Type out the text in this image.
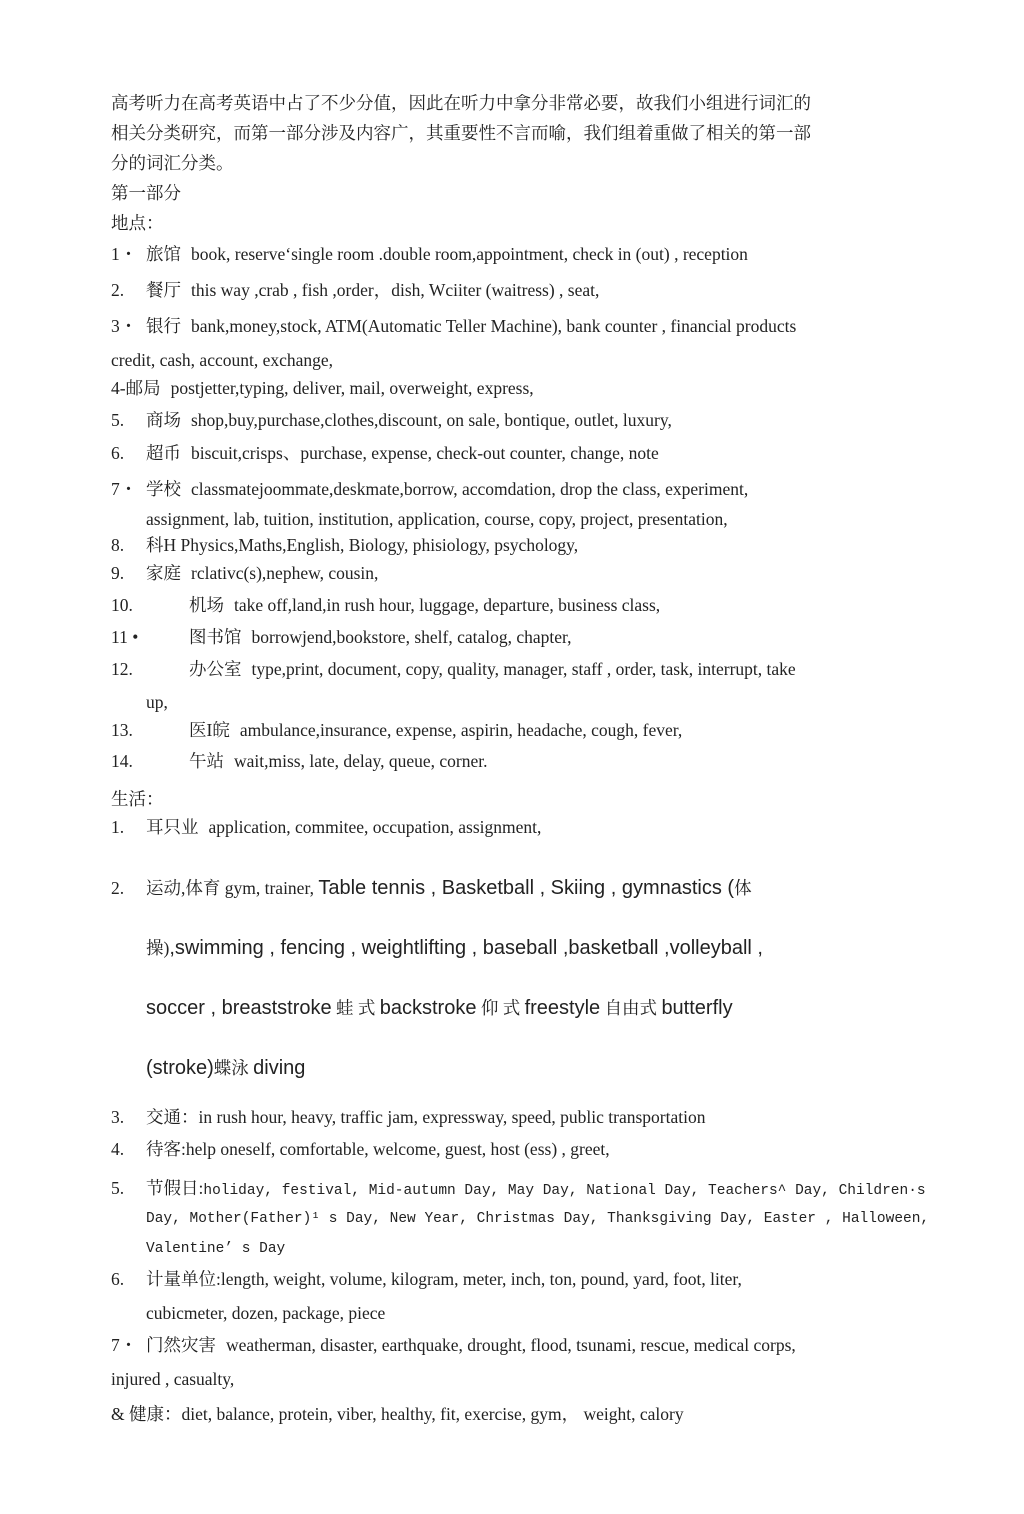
高考听力在高考英语中占了不少分值，因此在听力中拿分非常必要，故我们小组进行词汇的
相关分类研究，而第一部分涉及内容广，其重要性不言而喻，我们组着重做了相关的第一部
分的词汇分类。
第一部分
地点：
1・ 旅馆 book, reserve‘single room .double room,appointment, check in (out) , reception
2. 餐厅 this way ,crab , fish ,order，dish, Wciiter (waitress) , seat,
3・ 银行 bank,money,stock, ATM(Automatic Teller Machine), bank counter , financial products
credit, cash, account, exchange,
4-邮局 postjetter,typing, deliver, mail, overweight, express,
5. 商场 shop,buy,purchase,clothes,discount, on sale, bontique, outlet, luxury,
6. 超币 biscuit,crisps、purchase, expense, check-out counter, change, note
7・ 学校 classmatejoommate,deskmate,borrow, accomdation, drop the class, experiment,
assignment, lab, tuition, institution, application, course, copy, project, presentation,
8. 科H Physics,Maths,English, Biology, phisiology, psychology,
9. 家庭 rclativc(s),nephew, cousin,
10.	机场 take off,land,in rush hour, luggage, departure, business class,
11 •	图书馆 borrowjend,bookstore, shelf, catalog, chapter,
12.	办公室 type,print, document, copy, quality, manager, staff , order, task, interrupt, take
up,
13.	医I皖 ambulance,insurance, expense, aspirin, headache, cough, fever,
14.	午站 wait,miss, late, delay, queue, corner.
生活：
1. 耳只业 application, commitee, occupation, assignment,
2. 运动,体育 gym, trainer, Table tennis , Basketball , Skiing , gymnastics (体
操),swimming , fencing , weightlifting , baseball ,basketball ,volleyball ,
soccer , breaststroke 蛙 式 backstroke 仰 式 freestyle 自由式 butterfly
(stroke)蝶泳 diving
3. 交通：in rush hour, heavy, traffic jam, expressway, speed, public transportation
4. 待客:help oneself, comfortable, welcome, guest, host (ess) , greet,
5. 节假日:holiday, festival, Mid-autumn Day, May Day, National Day, Teachers^ Day, Children·s
Day, Mother(Father)¹ s Day, New Year, Christmas Day, Thanksgiving Day, Easter , Halloween,
Valentine’ s Day
6. 计量单位:length, weight, volume, kilogram, meter, inch, ton, pound, yard, foot, liter,
cubicmeter, dozen, package, piece
7・ 门然灾害 weatherman, disaster, earthquake, drought, flood, tsunami, rescue, medical corps,
injured , casualty,
& 健康：diet, balance, protein, viber, healthy, fit, exercise, gym， weight, calory
